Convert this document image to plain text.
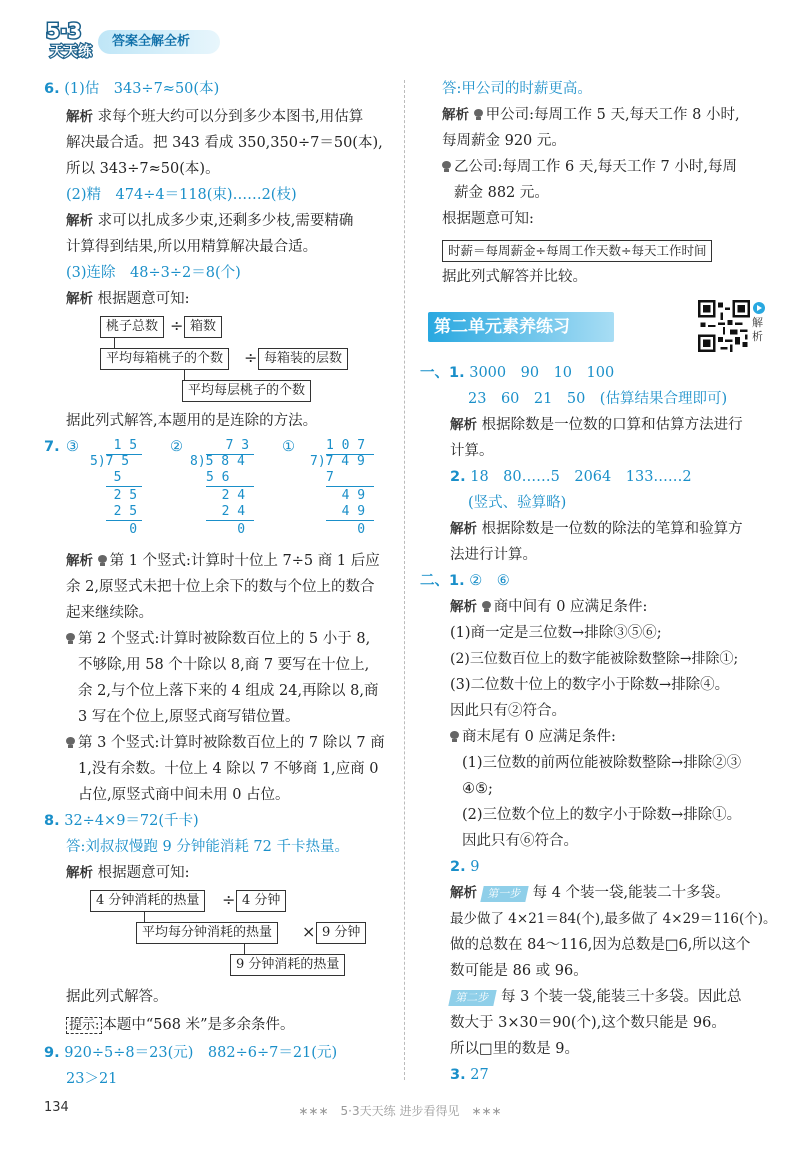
5·3
天天练
答案全解全析
6. (1)估　343÷7≈50(本)
解析 求每个班大约可以分到多少本图书,用估算
解决最合适。把 343 看成 350,350÷7＝50(本),
所以 343÷7≈50(本)。
(2)精　474÷4＝118(束)……2(枝)
解析 求可以扎成多少束,还剩多少枝,需要精确
计算得到结果,所以用精算解决最合适。
(3)连除　48÷3÷2＝8(个)
解析 根据题意可知:
桃子总数 ÷ 箱数
平均每箱桃子的个数	÷ 每箱装的层数
平均每层桃子的个数
据此列式解答,本题用的是连除的方法。
7. ③	②	①
1 5
5)7 5
5
2 5
2 5
0
7 3
8)5 8 4
5 6
2 4
2 4
0
1 0 7
7)7 4 9
7
4 9
4 9
0
解析 第 1 个竖式:计算时十位上 7÷5 商 1 后应
余 2,原竖式未把十位上余下的数与个位上的数合
起来继续除。
第 2 个竖式:计算时被除数百位上的 5 小于 8,
不够除,用 58 个十除以 8,商 7 要写在十位上,
余 2,与个位上落下来的 4 组成 24,再除以 8,商
3 写在个位上,原竖式商写错位置。
第 3 个竖式:计算时被除数百位上的 7 除以 7 商
1,没有余数。十位上 4 除以 7 不够商 1,应商 0
占位,原竖式商中间未用 0 占位。
8. 32÷4×9＝72(千卡)
答:刘叔叔慢跑 9 分钟能消耗 72 千卡热量。
解析 根据题意可知:
4 分钟消耗的热量	÷ 4 分钟
平均每分钟消耗的热量	× 9 分钟
9 分钟消耗的热量
据此列式解答。
提示: 本题中“568 米”是多余条件。
9. 920÷5÷8＝23(元)　882÷6÷7＝21(元)
23＞21
答:甲公司的时薪更高。
解析 甲公司:每周工作 5 天,每天工作 8 小时,
每周薪金 920 元。
乙公司:每周工作 6 天,每天工作 7 小时,每周
薪金 882 元。
根据题意可知:
时薪＝每周薪金÷每周工作天数÷每天工作时间
据此列式解答并比较。
第二单元素养练习	解析
一、1. 3000　90　10　100
23　60　21　50　(估算结果合理即可)
解析 根据除数是一位数的口算和估算方法进行
计算。
2. 18　80……5　2064　133……2
(竖式、验算略)
解析 根据除数是一位数的除法的笔算和验算方
法进行计算。
二、1. ②　⑥
解析 商中间有 0 应满足条件:
(1)商一定是三位数→排除③⑤⑥;
(2)三位数百位上的数字能被除数整除→排除①;
(3)二位数十位上的数字小于除数→排除④。
因此只有②符合。
商末尾有 0 应满足条件:
(1)三位数的前两位能被除数整除→排除②③
④⑤;
(2)三位数个位上的数字小于除数→排除①。
因此只有⑥符合。
2. 9
解析 第一步 每 4 个装一袋,能装二十多袋。
最少做了 4×21＝84(个),最多做了 4×29＝116(个)。
做的总数在 84～116,因为总数是□6,所以这个
数可能是 86 或 96。
第二步 每 3 个装一袋,能装三十多袋。因此总
数大于 3×30＝90(个),这个数只能是 96。
所以□里的数是 9。
3. 27
134	∗∗∗　5·3天天练 进步看得见　∗∗∗
